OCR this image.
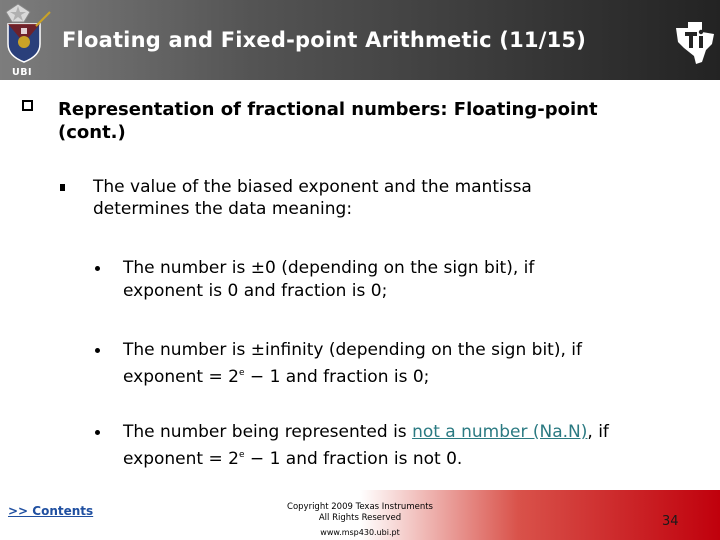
Floating and Fixed-point Arithmetic (11/15)
UBI
Representation of fractional numbers: Floating-point
(cont.)
The value of the biased exponent and the mantissa
determines the data meaning:
The number is ±0 (depending on the sign bit), if
exponent is 0 and fraction is 0;
The number is ±infinity (depending on the sign bit), if
exponent = $2^e - 1$ and fraction is 0;
The number being represented is not a number (Na.N), if
exponent = $2^e - 1$ and fraction is not 0.
>> Contents	Copyright 2009 Texas Instruments
All Rights Reserved
www.msp430.ubi.pt
34
